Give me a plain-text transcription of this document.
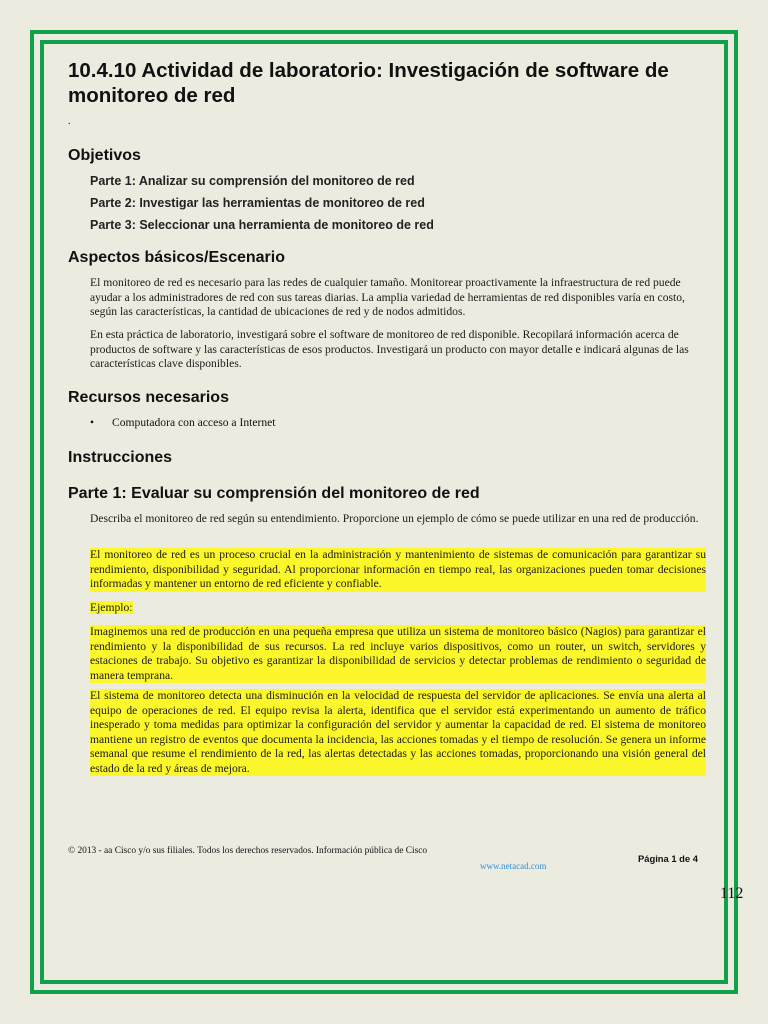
10.4.10 Actividad de laboratorio: Investigación de software de monitoreo de red
.
Objetivos
Parte 1: Analizar su comprensión del monitoreo de red
Parte 2: Investigar las herramientas de monitoreo de red
Parte 3: Seleccionar una herramienta de monitoreo de red
Aspectos básicos/Escenario

El monitoreo de red es necesario para las redes de cualquier tamaño. Monitorear proactivamente la infraestructura de red puede ayudar a los administradores de red con sus tareas diarias. La amplia variedad de herramientas de red disponibles varía en costo, según las características, la cantidad de ubicaciones de red y de nodos admitidos.

En esta práctica de laboratorio, investigará sobre el software de monitoreo de red disponible. Recopilará información acerca de productos de software y las características de esos productos. Investigará un producto con mayor detalle e indicará algunas de las características clave disponibles.

Recursos necesarios
• Computadora con acceso a Internet
Instrucciones
Parte 1: Evaluar su comprensión del monitoreo de red

Describa el monitoreo de red según su entendimiento. Proporcione un ejemplo de cómo se puede utilizar en una red de producción.

El monitoreo de red es un proceso crucial en la administración y mantenimiento de sistemas de comunicación para garantizar su rendimiento, disponibilidad y seguridad. Al proporcionar información en tiempo real, las organizaciones pueden tomar decisiones informadas y mantener un entorno de red eficiente y confiable.

Ejemplo:

Imaginemos una red de producción en una pequeña empresa que utiliza un sistema de monitoreo básico (Nagios) para garantizar el rendimiento y la disponibilidad de sus recursos. La red incluye varios dispositivos, como un router, un switch, servidores y estaciones de trabajo. Su objetivo es garantizar la disponibilidad de servicios y detectar problemas de rendimiento o seguridad de manera temprana.

El sistema de monitoreo detecta una disminución en la velocidad de respuesta del servidor de aplicaciones. Se envía una alerta al equipo de operaciones de red. El equipo revisa la alerta, identifica que el servidor está experimentando un aumento de tráfico inesperado y toma medidas para optimizar la configuración del servidor y aumentar la capacidad de red. El sistema de monitoreo mantiene un registro de eventos que documenta la incidencia, las acciones tomadas y el tiempo de resolución. Se genera un informe semanal que resume el rendimiento de la red, las alertas detectadas y las acciones tomadas, proporcionando una visión general del estado de la red y áreas de mejora.

© 2013 - aa Cisco y/o sus filiales. Todos los derechos reservados. Información pública de Cisco
www.netacad.com
Página 1 de 4
112
